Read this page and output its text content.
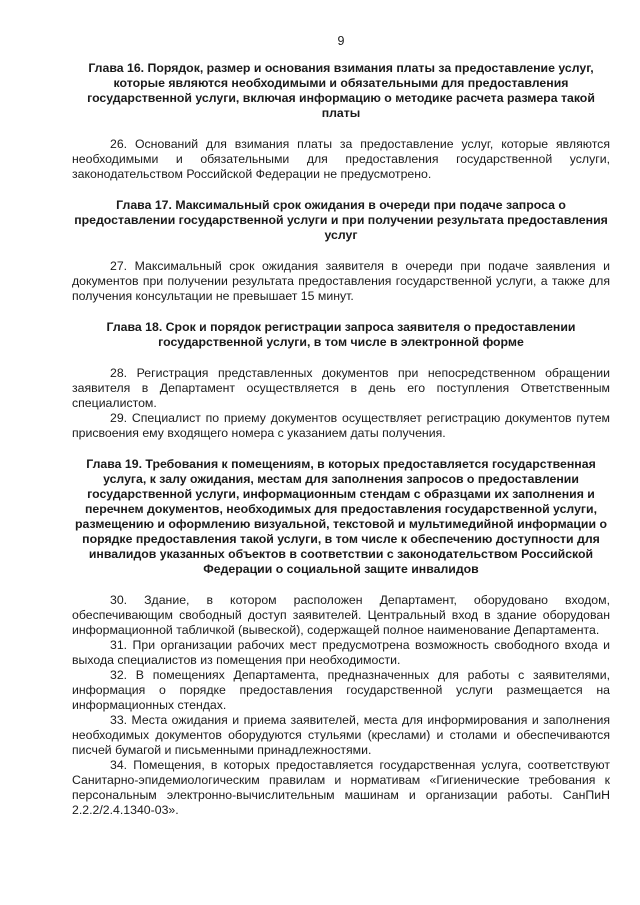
9
Глава 16. Порядок, размер и основания взимания платы за предоставление услуг, которые являются необходимыми и обязательными для предоставления государственной услуги, включая информацию о методике расчета размера такой платы

26. Оснований для взимания платы за предоставление услуг, которые являются необходимыми и обязательными для предоставления государственной услуги, законодательством Российской Федерации не предусмотрено.

Глава 17. Максимальный срок ожидания в очереди при подаче запроса о предоставлении государственной услуги и при получении результата предоставления услуг

27. Максимальный срок ожидания заявителя в очереди при подаче заявления и документов при получении результата предоставления государственной услуги, а также для получения консультации не превышает 15 минут.

Глава 18. Срок и порядок регистрации запроса заявителя о предоставлении государственной услуги, в том числе в электронной форме

28. Регистрация представленных документов при непосредственном обращении заявителя в Департамент осуществляется в день его поступления Ответственным специалистом.

29. Специалист по приему документов осуществляет регистрацию документов путем присвоения ему входящего номера с указанием даты получения.

Глава 19. Требования к помещениям, в которых предоставляется государственная услуга, к залу ожидания, местам для заполнения запросов о предоставлении государственной услуги, информационным стендам с образцами их заполнения и перечнем документов, необходимых для предоставления государственной услуги, размещению и оформлению визуальной, текстовой и мультимедийной информации о порядке предоставления такой услуги, в том числе к обеспечению доступности для инвалидов указанных объектов в соответствии с законодательством Российской Федерации о социальной защите инвалидов

30. Здание, в котором расположен Департамент, оборудовано входом, обеспечивающим свободный доступ заявителей. Центральный вход в здание оборудован информационной табличкой (вывеской), содержащей полное наименование Департамента.

31. При организации рабочих мест предусмотрена возможность свободного входа и выхода специалистов из помещения при необходимости.

32. В помещениях Департамента, предназначенных для работы с заявителями, информация о порядке предоставления государственной услуги размещается на информационных стендах.

33. Места ожидания и приема заявителей, места для информирования и заполнения необходимых документов оборудуются стульями (креслами) и столами и обеспечиваются писчей бумагой и письменными принадлежностями.

34. Помещения, в которых предоставляется государственная услуга, соответствуют Санитарно-эпидемиологическим правилам и нормативам «Гигиенические требования к персональным электронно-вычислительным машинам и организации работы. СанПиН 2.2.2/2.4.1340-03».
